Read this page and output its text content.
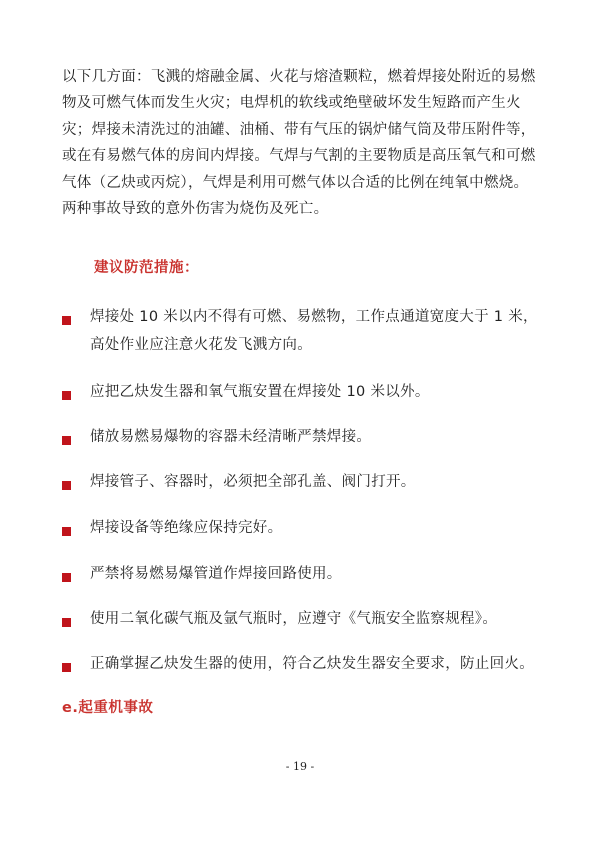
以下几方面：飞溅的熔融金属、火花与熔渣颗粒，燃着焊接处附近的易燃
物及可燃气体而发生火灾；电焊机的软线或绝壁破坏发生短路而产生火
灾；焊接未清洗过的油罐、油桶、带有气压的锅炉储气筒及带压附件等，
或在有易燃气体的房间内焊接。气焊与气割的主要物质是高压氧气和可燃
气体（乙炔或丙烷），气焊是利用可燃气体以合适的比例在纯氧中燃烧。
两种事故导致的意外伤害为烧伤及死亡。

建议防范措施：
焊接处 10 米以内不得有可燃、易燃物，工作点通道宽度大于 1 米，
高处作业应注意火花发飞溅方向。
应把乙炔发生器和氧气瓶安置在焊接处 10 米以外。
储放易燃易爆物的容器未经清晰严禁焊接。
焊接管子、容器时，必须把全部孔盖、阀门打开。
焊接设备等绝缘应保持完好。
严禁将易燃易爆管道作焊接回路使用。
使用二氧化碳气瓶及氩气瓶时，应遵守《气瓶安全监察规程》。
正确掌握乙炔发生器的使用，符合乙炔发生器安全要求，防止回火。
e.起重机事故
- 19 -
